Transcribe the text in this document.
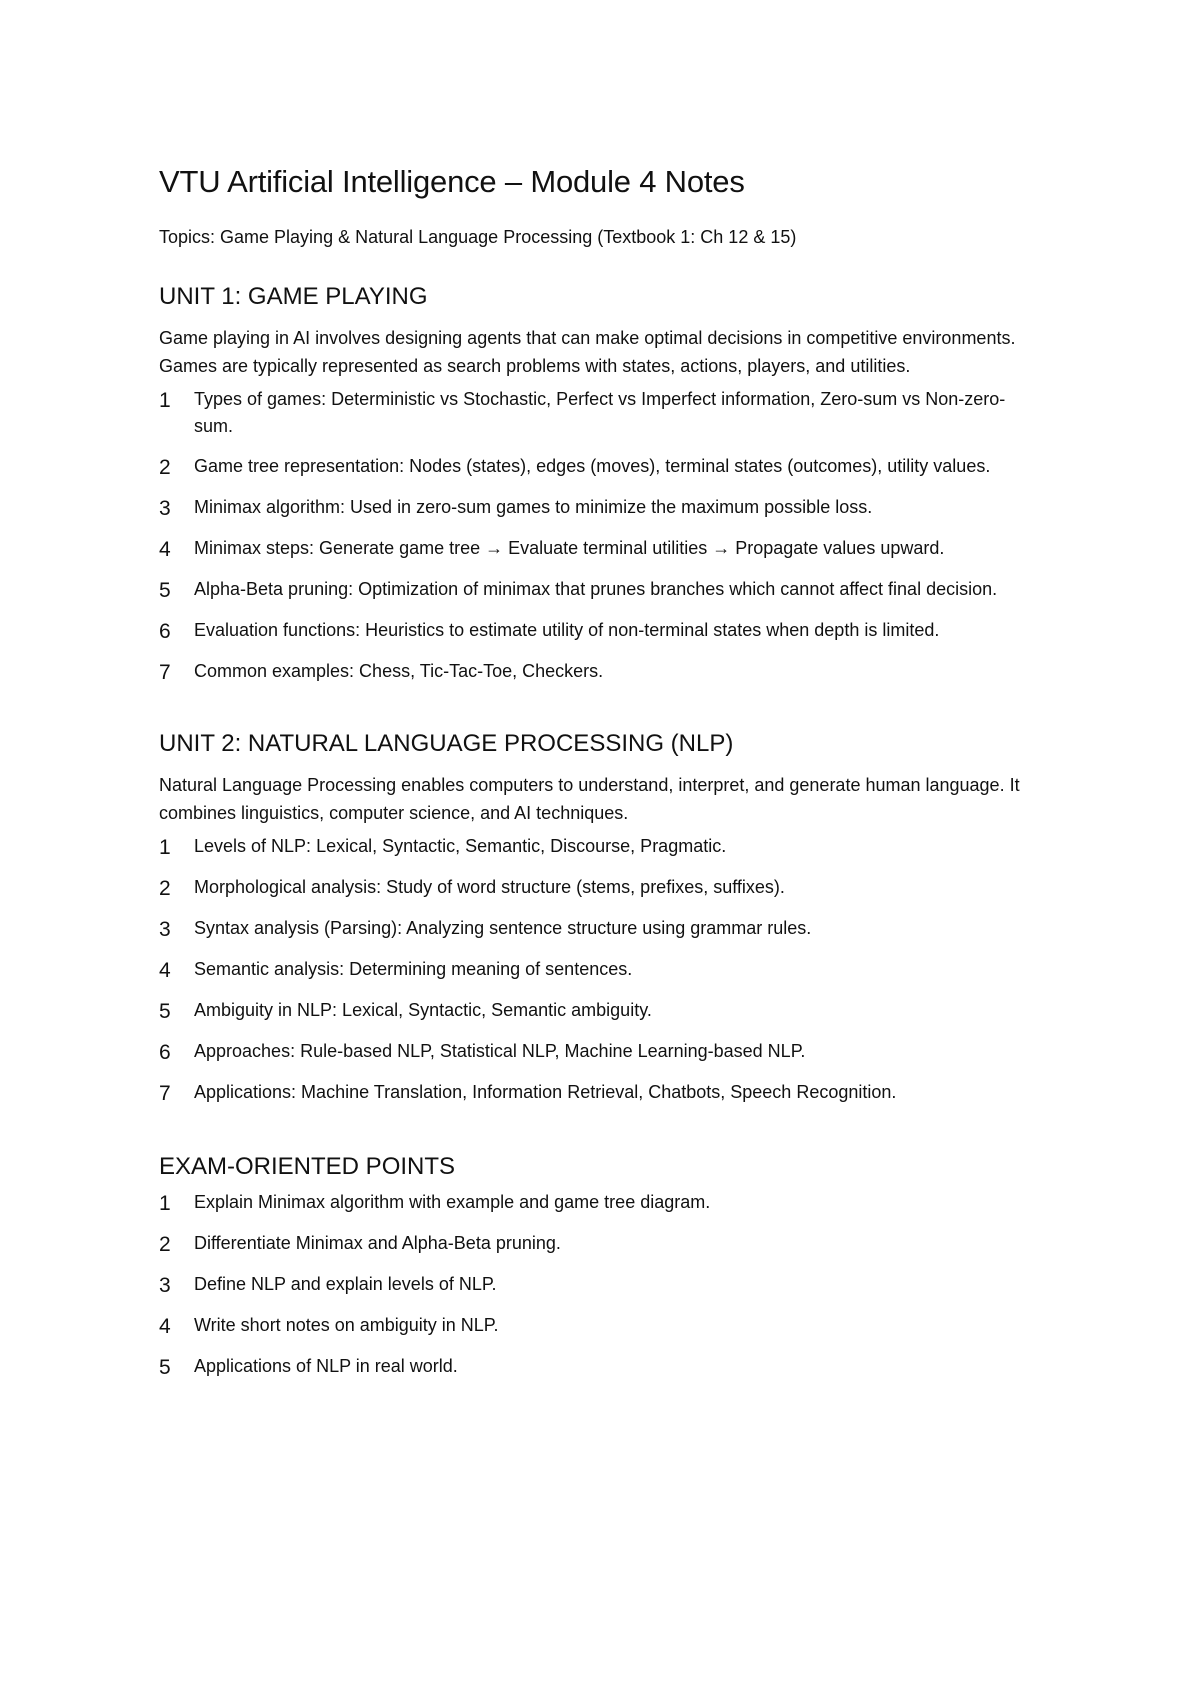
VTU Artificial Intelligence – Module 4 Notes

Topics: Game Playing & Natural Language Processing (Textbook 1: Ch 12 & 15)

UNIT 1: GAME PLAYING

Game playing in AI involves designing agents that can make optimal decisions in competitive environments. Games are typically represented as search problems with states, actions, players, and utilities.

1	Types of games: Deterministic vs Stochastic, Perfect vs Imperfect information, Zero-sum vs Non-zero-sum.
2	Game tree representation: Nodes (states), edges (moves), terminal states (outcomes), utility values.
3	Minimax algorithm: Used in zero-sum games to minimize the maximum possible loss.
4	Minimax steps: Generate game tree → Evaluate terminal utilities → Propagate values upward.
5	Alpha-Beta pruning: Optimization of minimax that prunes branches which cannot affect final decision.
6	Evaluation functions: Heuristics to estimate utility of non-terminal states when depth is limited.
7	Common examples: Chess, Tic-Tac-Toe, Checkers.
UNIT 2: NATURAL LANGUAGE PROCESSING (NLP)

Natural Language Processing enables computers to understand, interpret, and generate human language. It combines linguistics, computer science, and AI techniques.

1	Levels of NLP: Lexical, Syntactic, Semantic, Discourse, Pragmatic.
2	Morphological analysis: Study of word structure (stems, prefixes, suffixes).
3	Syntax analysis (Parsing): Analyzing sentence structure using grammar rules.
4	Semantic analysis: Determining meaning of sentences.
5	Ambiguity in NLP: Lexical, Syntactic, Semantic ambiguity.
6	Approaches: Rule-based NLP, Statistical NLP, Machine Learning-based NLP.
7	Applications: Machine Translation, Information Retrieval, Chatbots, Speech Recognition.
EXAM-ORIENTED POINTS
1	Explain Minimax algorithm with example and game tree diagram.
2	Differentiate Minimax and Alpha-Beta pruning.
3	Define NLP and explain levels of NLP.
4	Write short notes on ambiguity in NLP.
5	Applications of NLP in real world.
